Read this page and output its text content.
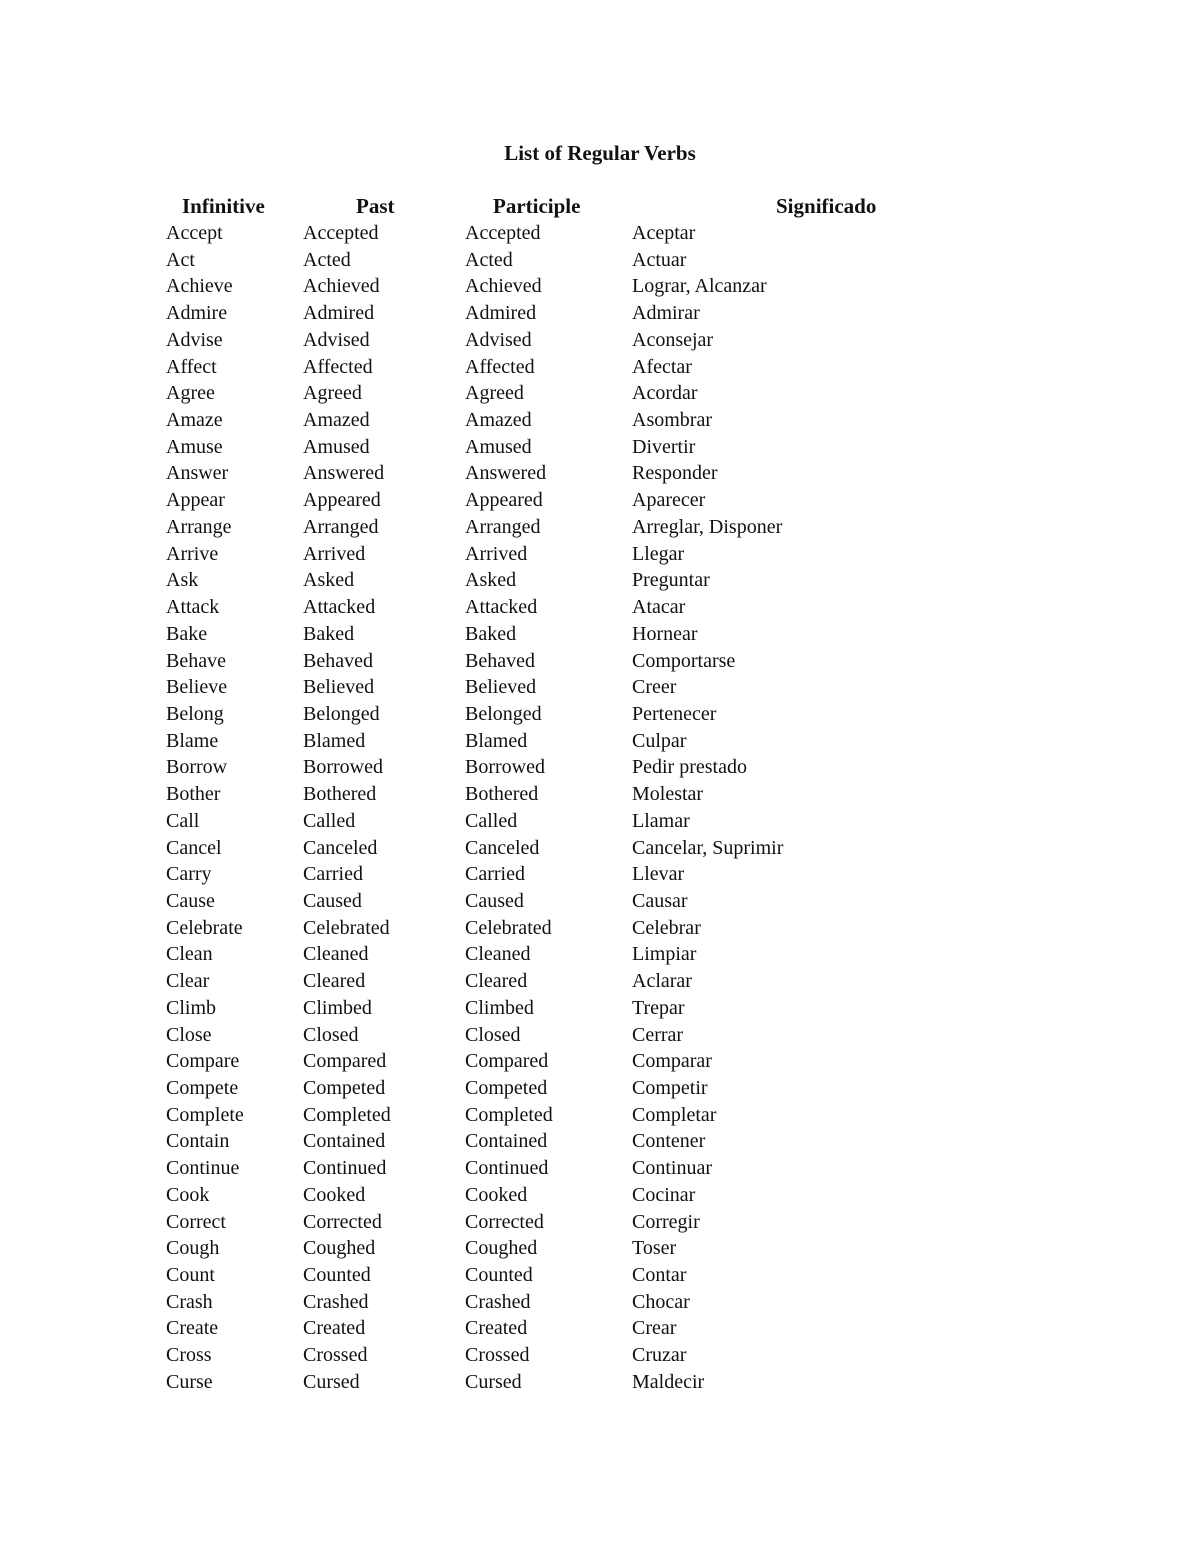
List of Regular Verbs
Infinitive	Past	Participle	Significado
Accept	Accepted	Accepted	Aceptar
Act	Acted	Acted	Actuar
Achieve	Achieved	Achieved	Lograr, Alcanzar
Admire	Admired	Admired	Admirar
Advise	Advised	Advised	Aconsejar
Affect	Affected	Affected	Afectar
Agree	Agreed	Agreed	Acordar
Amaze	Amazed	Amazed	Asombrar
Amuse	Amused	Amused	Divertir
Answer	Answered	Answered	Responder
Appear	Appeared	Appeared	Aparecer
Arrange	Arranged	Arranged	Arreglar, Disponer
Arrive	Arrived	Arrived	Llegar
Ask	Asked	Asked	Preguntar
Attack	Attacked	Attacked	Atacar
Bake	Baked	Baked	Hornear
Behave	Behaved	Behaved	Comportarse
Believe	Believed	Believed	Creer
Belong	Belonged	Belonged	Pertenecer
Blame	Blamed	Blamed	Culpar
Borrow	Borrowed	Borrowed	Pedir prestado
Bother	Bothered	Bothered	Molestar
Call	Called	Called	Llamar
Cancel	Canceled	Canceled	Cancelar, Suprimir
Carry	Carried	Carried	Llevar
Cause	Caused	Caused	Causar
Celebrate	Celebrated	Celebrated	Celebrar
Clean	Cleaned	Cleaned	Limpiar
Clear	Cleared	Cleared	Aclarar
Climb	Climbed	Climbed	Trepar
Close	Closed	Closed	Cerrar
Compare	Compared	Compared	Comparar
Compete	Competed	Competed	Competir
Complete	Completed	Completed	Completar
Contain	Contained	Contained	Contener
Continue	Continued	Continued	Continuar
Cook	Cooked	Cooked	Cocinar
Correct	Corrected	Corrected	Corregir
Cough	Coughed	Coughed	Toser
Count	Counted	Counted	Contar
Crash	Crashed	Crashed	Chocar
Create	Created	Created	Crear
Cross	Crossed	Crossed	Cruzar
Curse	Cursed	Cursed	Maldecir
